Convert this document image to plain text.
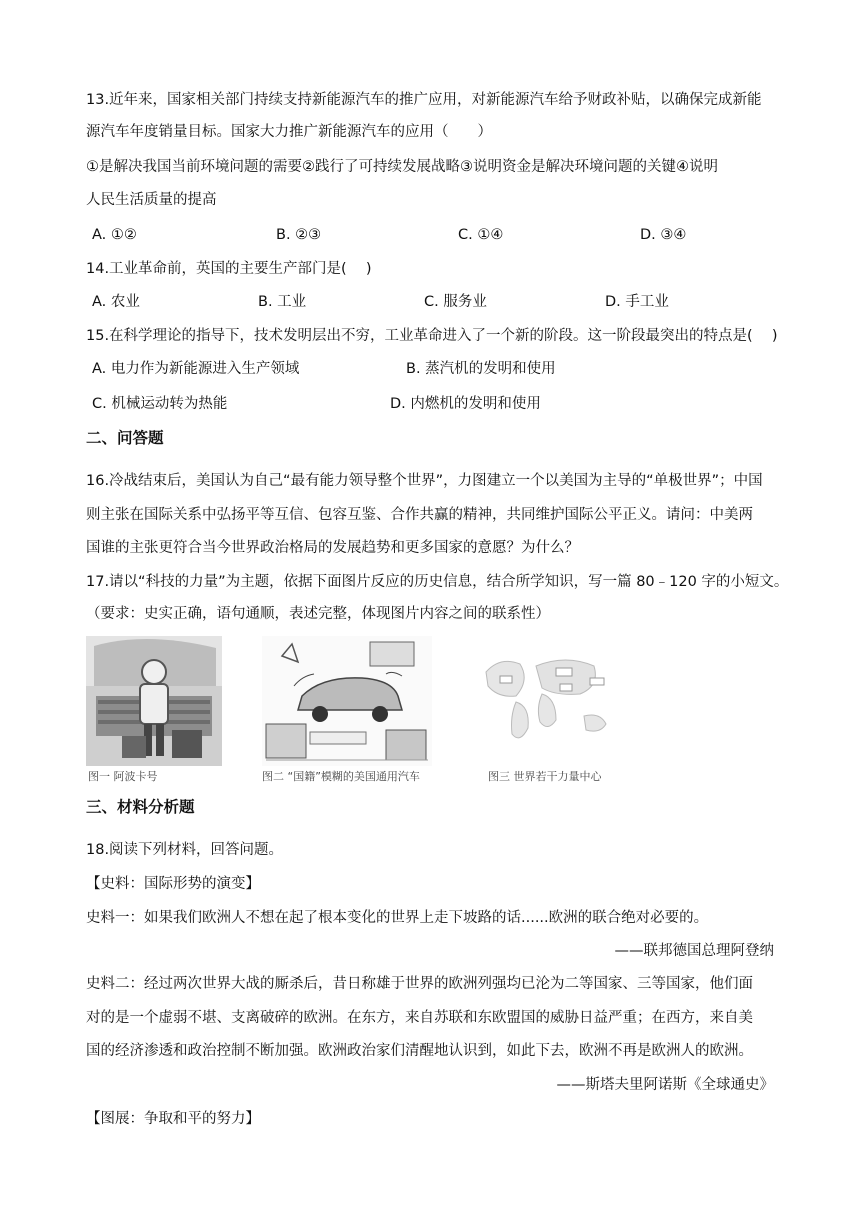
13.近年来，国家相关部门持续支持新能源汽车的推广应用，对新能源汽车给予财政补贴，以确保完成新能
源汽车年度销量目标。国家大力推广新能源汽车的应用（　　）
①是解决我国当前环境问题的需要②践行了可持续发展战略③说明资金是解决环境问题的关键④说明
人民生活质量的提高
A. ①②	B. ②③	C. ①④	D. ③④
14.工业革命前，英国的主要生产部门是(　 )
A. 农业	B. 工业	C. 服务业	D. 手工业
15.在科学理论的指导下，技术发明层出不穷，工业革命进入了一个新的阶段。这一阶段最突出的特点是(　 )
A. 电力作为新能源进入生产领域	B. 蒸汽机的发明和使用
C. 机械运动转为热能	D. 内燃机的发明和使用
二、问答题
16.冷战结束后，美国认为自己“最有能力领导整个世界”，力图建立一个以美国为主导的“单极世界”；中国
则主张在国际关系中弘扬平等互信、包容互鉴、合作共赢的精神，共同维护国际公平正义。请问：中美两
国谁的主张更符合当今世界政治格局的发展趋势和更多国家的意愿？为什么？
17.请以“科技的力量”为主题，依据下面图片反应的历史信息，结合所学知识，写一篇 80﹣120 字的小短文。
（要求：史实正确，语句通顺，表述完整，体现图片内容之间的联系性）
图一 阿波卡号	图二 “国籍”模糊的美国通用汽车	图三 世界若干力量中心
三、材料分析题
18.阅读下列材料，回答问题。
【史料：国际形势的演变】
史料一：如果我们欧洲人不想在起了根本变化的世界上走下坡路的话......欧洲的联合绝对必要的。
——联邦德国总理阿登纳
史料二：经过两次世界大战的厮杀后，昔日称雄于世界的欧洲列强均已沦为二等国家、三等国家，他们面
对的是一个虚弱不堪、支离破碎的欧洲。在东方，来自苏联和东欧盟国的威胁日益严重；在西方，来自美
国的经济渗透和政治控制不断加强。欧洲政治家们清醒地认识到，如此下去，欧洲不再是欧洲人的欧洲。
——斯塔夫里阿诺斯《全球通史》
【图展：争取和平的努力】
